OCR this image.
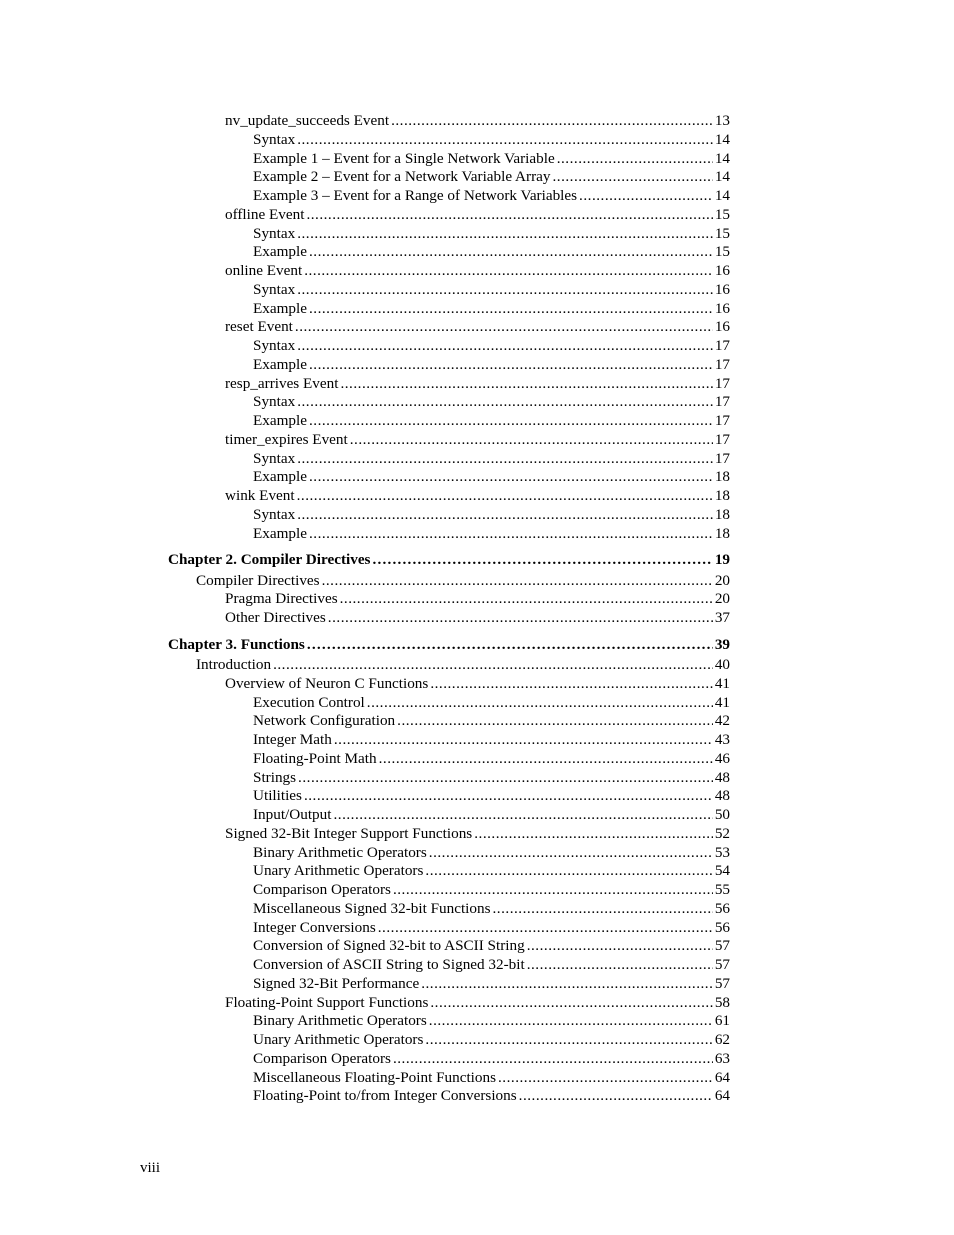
nv_update_succeeds Event .....	13
Syntax .....	14
Example 1 – Event for a Single Network Variable .....	14
Example 2 – Event for a Network Variable Array .....	14
Example 3 – Event for a Range of Network Variables .....	14
offline Event .....	15
Syntax .....	15
Example .....	15
online Event .....	16
Syntax .....	16
Example .....	16
reset Event .....	16
Syntax .....	17
Example .....	17
resp_arrives Event .....	17
Syntax .....	17
Example .....	17
timer_expires Event .....	17
Syntax .....	17
Example .....	18
wink Event .....	18
Syntax .....	18
Example .....	18
Chapter 2. Compiler Directives .....	19
Compiler Directives .....	20
Pragma Directives .....	20
Other Directives .....	37
Chapter 3. Functions .....	39
Introduction .....	40
Overview of Neuron C Functions .....	41
Execution Control .....	41
Network Configuration .....	42
Integer Math .....	43
Floating-Point Math .....	46
Strings .....	48
Utilities .....	48
Input/Output .....	50
Signed 32-Bit Integer Support Functions .....	52
Binary Arithmetic Operators .....	53
Unary Arithmetic Operators .....	54
Comparison Operators .....	55
Miscellaneous Signed 32-bit Functions .....	56
Integer Conversions .....	56
Conversion of Signed 32-bit to ASCII String .....	57
Conversion of ASCII String to Signed 32-bit .....	57
Signed 32-Bit Performance .....	57
Floating-Point Support Functions .....	58
Binary Arithmetic Operators .....	61
Unary Arithmetic Operators .....	62
Comparison Operators .....	63
Miscellaneous Floating-Point Functions .....	64
Floating-Point to/from Integer Conversions .....	64
viii
